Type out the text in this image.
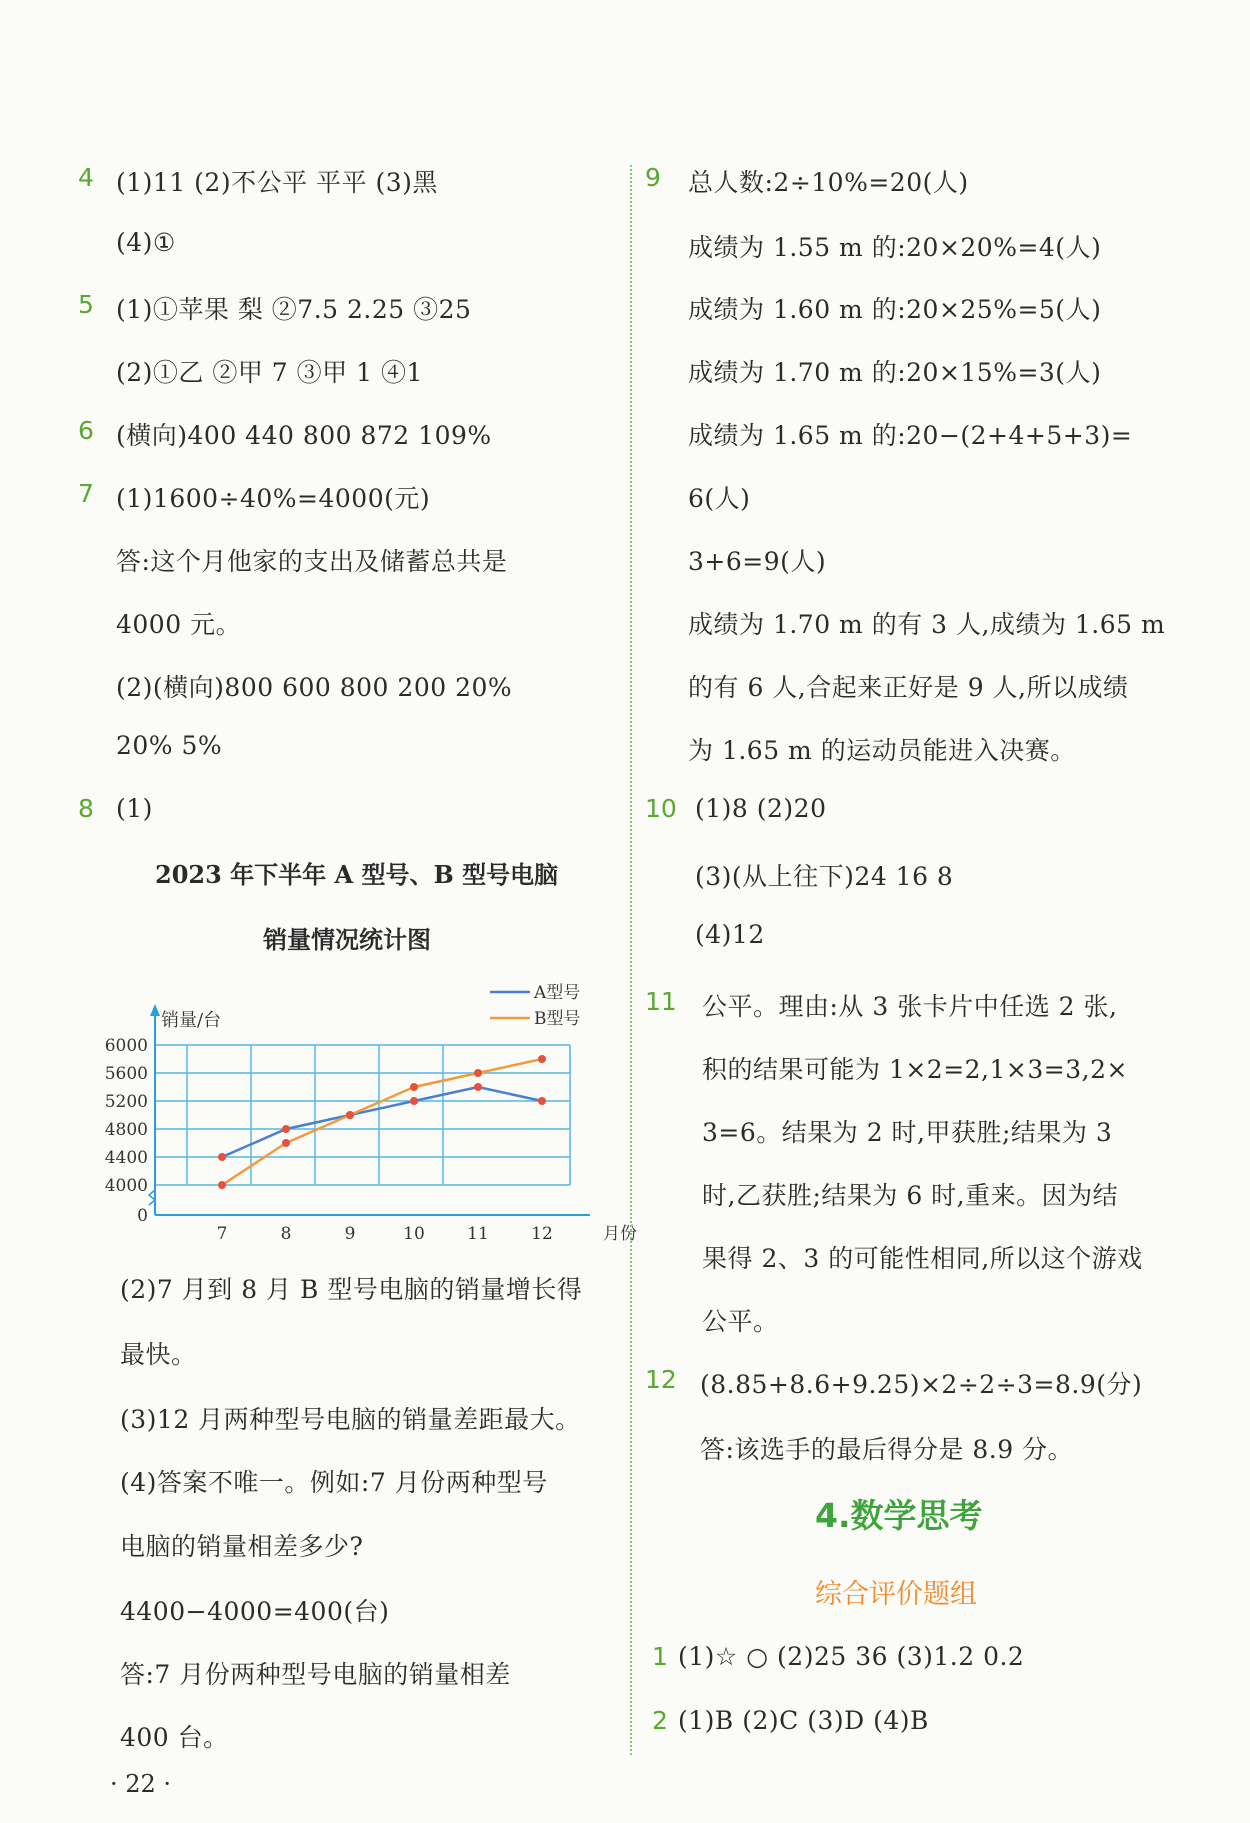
4 (1)11 (2)不公平 平平 (3)黑
(4)①
5 (1)①苹果 梨 ②7.5 2.25 ③25
(2)①乙 ②甲 7 ③甲 1 ④1
6 (横向)400 440 800 872 109%
7 (1)1600÷40%=4000(元)
答:这个月他家的支出及储蓄总共是
4000 元。
(2)(横向)800 600 800 200 20%
20% 5%
8 (1)
2023 年下半年 A 型号、B 型号电脑
销量情况统计图
0
4000
4400
4800
5200
5600
6000
7	8	9	10 11 12	月份
销量/台
A型号
B型号
(2)7 月到 8 月 B 型号电脑的销量增长得
最快。
(3)12 月两种型号电脑的销量差距最大。
(4)答案不唯一。例如:7 月份两种型号
电脑的销量相差多少?
4400−4000=400(台)
答:7 月份两种型号电脑的销量相差
400 台。
9 总人数:2÷10%=20(人)
成绩为 1.55 m 的:20×20%=4(人)
成绩为 1.60 m 的:20×25%=5(人)
成绩为 1.70 m 的:20×15%=3(人)
成绩为 1.65 m 的:20−(2+4+5+3)=
6(人)
3+6=9(人)
成绩为 1.70 m 的有 3 人,成绩为 1.65 m
的有 6 人,合起来正好是 9 人,所以成绩
为 1.65 m 的运动员能进入决赛。
10 (1)8 (2)20
(3)(从上往下)24 16 8
(4)12
11 公平。理由:从 3 张卡片中任选 2 张,
积的结果可能为 1×2=2,1×3=3,2×
3=6。结果为 2 时,甲获胜;结果为 3
时,乙获胜;结果为 6 时,重来。因为结
果得 2、3 的可能性相同,所以这个游戏
公平。
12 (8.85+8.6+9.25)×2÷2÷3=8.9(分)
答:该选手的最后得分是 8.9 分。
4.数学思考
综合评价题组
1 (1)☆ ○ (2)25 36 (3)1.2 0.2
2 (1)B (2)C (3)D (4)B
· 22 ·
